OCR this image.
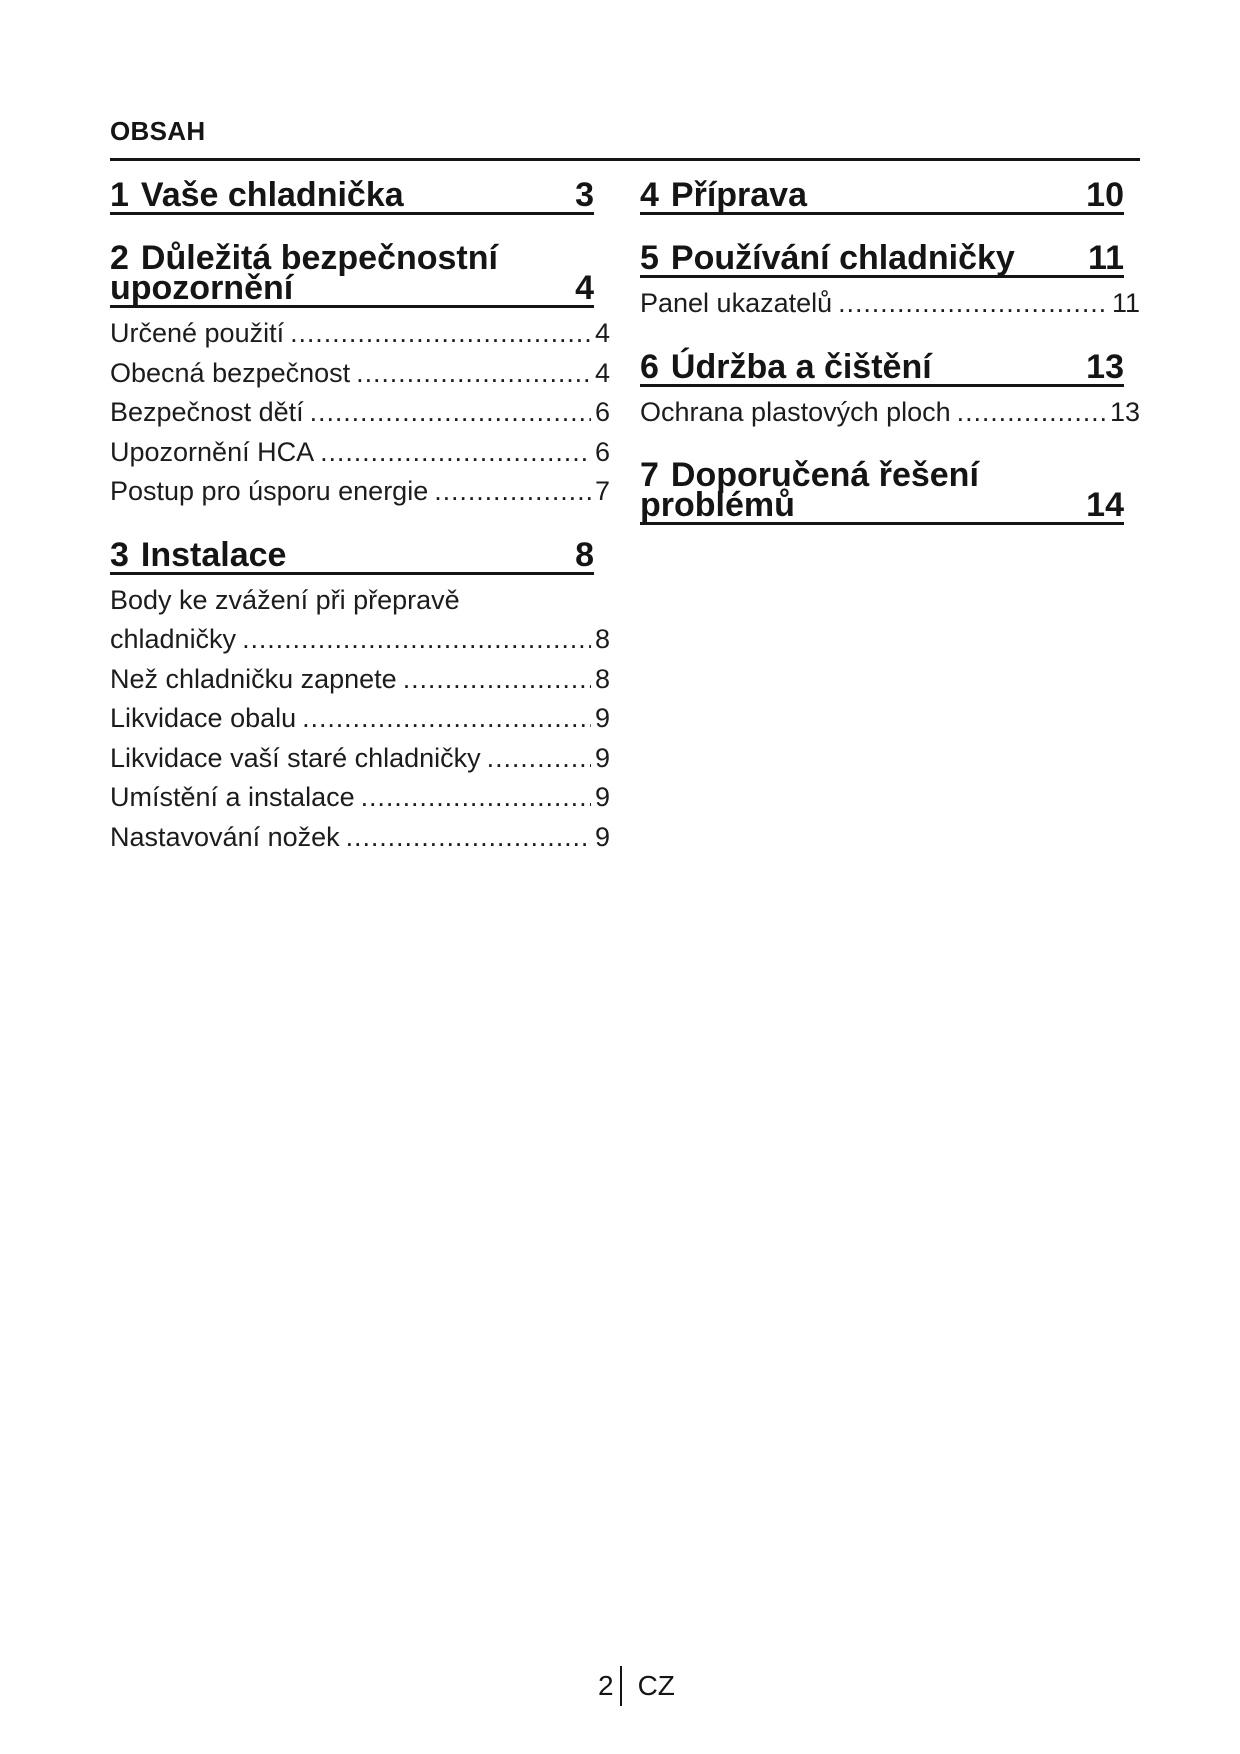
OBSAH
1 Vaše chladnička	3
2 Důležitá bezpečnostní
upozornění	4
Určené použití . . .	4
Obecná bezpečnost . . .	4
Bezpečnost dětí . . .	6
Upozornění HCA . . .	6
Postup pro úsporu energie . . .	7
3 Instalace	8
Body ke zvážení při přepravě
chladničky . . .	8
Než chladničku zapnete . . .	8
Likvidace obalu . . .	9
Likvidace vaší staré chladničky . . .	9
Umístění a instalace . . .	9
Nastavování nožek . . .	9
4 Příprava	10
5 Používání chladničky 11
Panel ukazatelů . . .	11
6 Údržba a čištění	13
Ochrana plastových ploch . . .	13
7 Doporučená řešení
problémů	14
2 CZ
